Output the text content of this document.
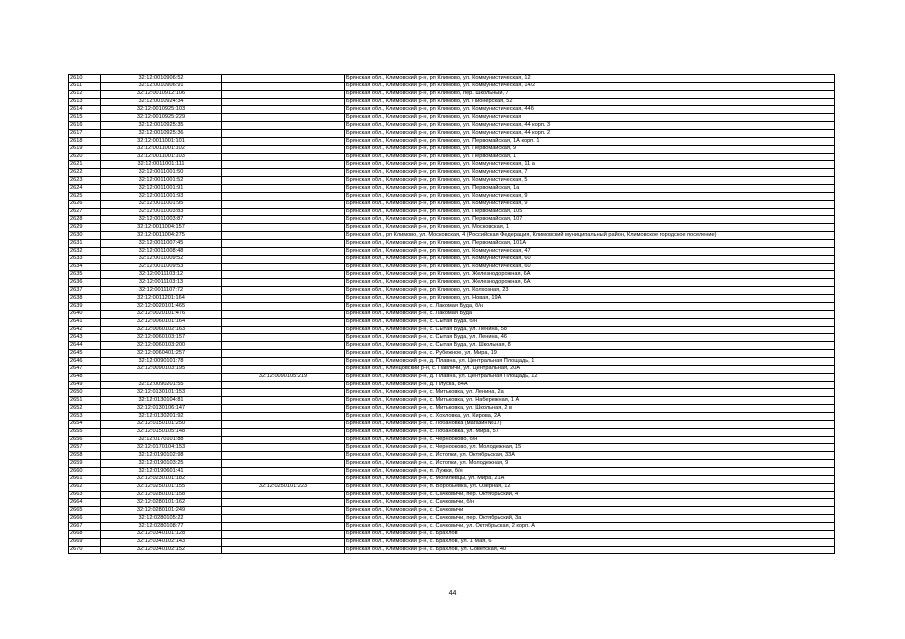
2610	32:12:0010906:52		Брянская обл., Климовский р-н, рп Климово, ул. Коммунистическая, 12
2611	32:12:0010906:91		Брянская обл., Климовский р-н, рп Климово, ул. Коммунистическая, 14/2
2612	32:12:0010912:106		Брянская обл., Климовский р-н, рп Климово, пер. Школьный, 7
2613	32:12:0010924:34		Брянская обл., Климовский р-н, рп Климово, ул. Пионерская, 52
2614	32:12:0010925:103		Брянская обл., Климовский р-н, рп Климово, ул. Коммунистическая, 44б
2615	32:12:0010925:229		Брянская обл., Климовский р-н, рп Климово, ул. Коммунистическая
2616	32:12:0010925:35		Брянская обл., Климовский р-н, рп Климово, ул. Коммунистическая, 44 корп. 3
2617	32:12:0010925:36		Брянская обл., Климовский р-н, рп Климово, ул. Коммунистическая, 44 корп. 2
2618	32:12:0011001:101		Брянская обл., Климовский р-н, рп Климово, ул. Первомайская, 1А корп. 1
2619	32:12:0011001:102		Брянская обл., Климовский р-н, рп Климово, ул. Первомайская, 9
2620	32:12:0011001:103		Брянская обл., Климовский р-н, рп Климово, ул. Первомайская, 1
2621	32:12:0011001:111		Брянская обл., Климовский р-н, рп Климово, ул. Коммунистическая, 11 а
2622	32:12:0011001:50		Брянская обл., Климовский р-н, рп Климово, ул. Коммунистическая, 7
2623	32:12:0011001:52		Брянская обл., Климовский р-н, рп Климово, ул. Коммунистическая, 5
2624	32:12:0011001:91		Брянская обл., Климовский р-н, рп Климово, ул. Первомайская, 1а
2625	32:12:0011001:93		Брянская обл., Климовский р-н, рп Климово, ул. Коммунистическая, 9
2626	32:12:0011001:95		Брянская обл., Климовский р-н, рп Климово, ул. Коммунистическая, 9
2627	32:12:0011003:83		Брянская обл., Климовский р-н, рп Климово, ул. Первомайская, 105
2628	32:12:0011003:87		Брянская обл., Климовский р-н, рп Климово, ул. Первомайская, 107
2629	32:12:0011004:157		Брянская обл., Климовский р-н, рп Климово, ул. Московская, 1
2630	32:12:0011004:275		Брянская обл., рп Климово, ул. Московская, 4 (Российская Федерация, Климовский муниципальный район, Климовское городское поселение)
2631	32:12:0011007:45		Брянская обл., Климовский р-н, рп Климово, ул. Первомайская, 101А
2632	32:12:0011008:48		Брянская обл., Климовский р-н, рп Климово, ул. Коммунистическая, 47
2633	32:12:0011009:52		Брянская обл., Климовский р-н, рп Климово, ул. Коммунистическая, 60
2634	32:12:0011009:53		Брянская обл., Климовский р-н, рп Климово, ул. Коммунистическая, 60
2635	32:12:0011103:12		Брянская обл., Климовский р-н, рп Климово, ул. Железнодорожная, 6А
2636	32:12:0011103:13		Брянская обл., Климовский р-н, рп Климово, ул. Железнодорожная, 6А
2637	32:12:0011107:72		Брянская обл., Климовский р-н, рп Климово, ул. Колхозная, 23
2638	32:12:0011201:164		Брянская обл., Климовский р-н, рп Климово, ул. Новая, 19А
2639	32:12:0020101:465		Брянская обл., Климовский р-н, с. Лакомая Буда, б/н
2640	32:12:0020101:476		Брянская обл., Климовский р-н, с. Лакомая Буда
2641	32:12:0060101:164		Брянская обл., Климовский р-н, с. Сытая Буда, б/н
2642	32:12:0060102:163		Брянская обл., Климовский р-н, с. Сытая Буда, ул. Ленина, 58
2643	32:12:0060103:157		Брянская обл., Климовский р-н, с. Сытая Буда, ул. Ленина, 46
2644	32:12:0060103:200		Брянская обл., Климовский р-н, с. Сытая Буда, ул. Школьная, 8
2645	32:12:0060401:257		Брянская обл., Климовский р-н, с. Рубежное, ул. Мира, 19
2646	32:12:0090101:78		Брянская обл., Климовский р-н, д. Плавна, ул. Центральная Площадь, 1
2647	32:12:0090103:195		Брянская обл., Клинцовский р-н, с. Павличи, ул. Центральная, 20А
2648		32:12:0090105:219	Брянская обл., Климовский р-н, д. Плавна, ул. Центральная Площадь, 12
2649	32:12:0090201:55		Брянская обл., Климовский р-н, д. Плуска, 84А
2650	32:12:0130101:153		Брянская обл., Климовский р-н, с. Митьковка, ул. Ленина, 2а
2651	32:12:0130104:81		Брянская обл., Климовский р-н, с. Митьковка, ул. Набережная, 1 А
2652	32:12:0130106:147		Брянская обл., Климовский р-н, с. Митьковка, ул. Школьная, 2 в
2653	32:12:0130201:92		Брянская обл., Климовский р-н, с. Хохловка, ул. Кирова, 2А
2654	32:12:0150101:250		Брянская обл., Климовский р-н, с. Лобановка (магазин№17)
2655	32:12:0150105:148		Брянская обл., Климовский р-н, с. Лобановка, ул. Мира, 57
2656	32:12:0170101:88		Брянская обл., Климовский р-н, с. Чернооково, б/н
2657	32:12:0170104:153		Брянская обл., Климовский р-н, с. Чернооково, ул. Молодежная, 15
2658	32:12:0190102:98		Брянская обл., Климовский р-н, с. Истопки, ул. Октябрьская, 33А
2659	32:12:0190103:25		Брянская обл., Климовский р-н, с. Истопки, ул. Молодежная, 9
2660	32:12:0190601:41		Брянская обл., Климовский р-н, п. Лужки, б/н
2661	32:12:0230101:182		Брянская обл., Климовский р-н, с. Могилевцы, ул. Мира, 21А
2662	32:12:0250101:155	32:12:0250101:223	Брянская обл., Климовский р-н, п. Воробьевка, ул. Озерная, 12
2663	32:12:0280101:158		Брянская обл., Климовский р-н, с. Сачковичи, пер. Октябрьский, 4
2664	32:12:0280101:162		Брянская обл., Климовский р-н, с. Сачковичи, б/н
2665	32:12:0280101:249		Брянская обл., Климовский р-н, с. Сачковичи
2666	32:12:0280105:22		Брянская обл., Климовский р-н, с. Сачковичи, пер. Октябрьский, 3а
2667	32:12:0280108:77		Брянская обл., Климовский р-н, с. Сачковичи, ул. Октябрьская, 2 корп. А
2668	32:12:0340101:128		Брянская обл., Климовский р-н, с. Брахлов
2669	32:12:0340102:143		Брянская обл., Климовский р-н, с. Брахлов, ул. 1 Мая, 6
2670	32:12:0340102:152		Брянская обл., Климовский р-н, с. Брахлов, ул. Советская, 40
44
